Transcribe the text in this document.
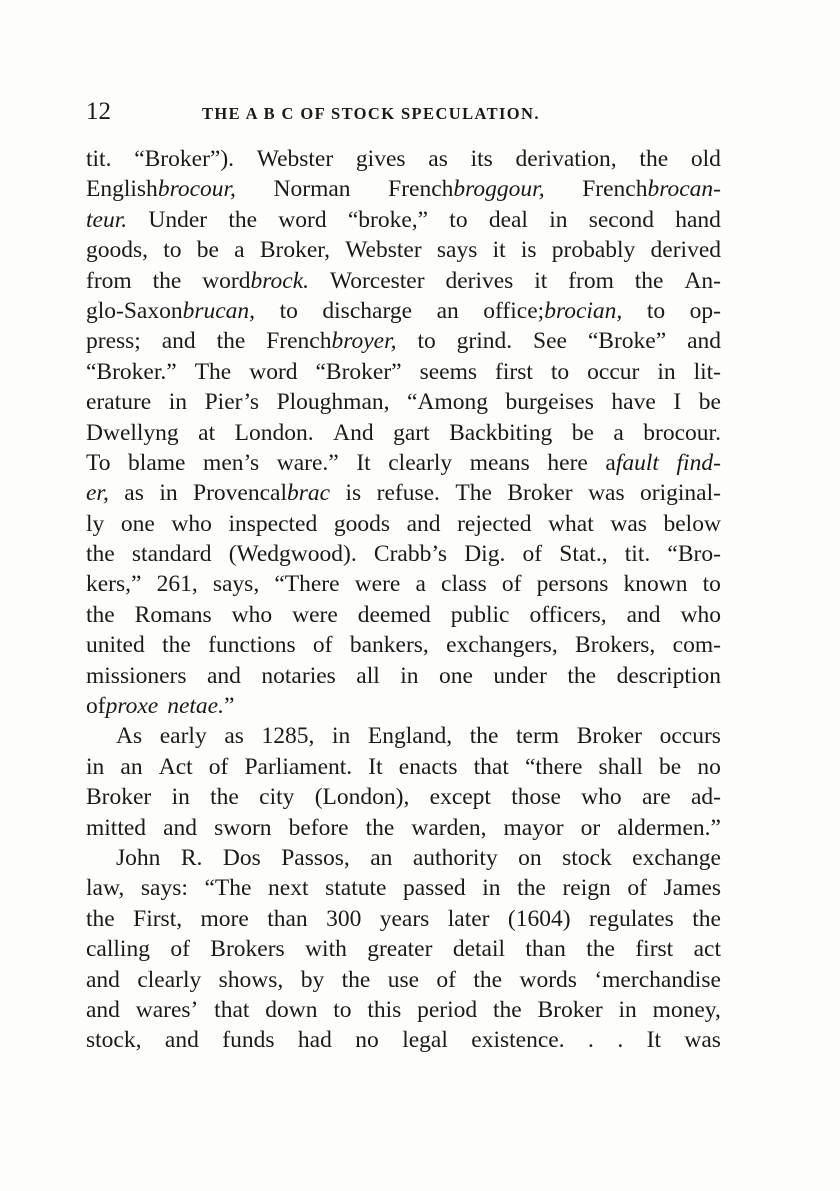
12	THE A B C OF STOCK SPECULATION.
tit. “Broker”). Webster gives as its derivation, the old
Englishbrocour, Norman Frenchbroggour, Frenchbrocan-
teur. Under the word “broke,” to deal in second hand
goods, to be a Broker, Webster says it is probably derived
from the wordbrock. Worcester derives it from the An-
glo-Saxonbrucan, to discharge an office;brocian, to op-
press; and the Frenchbroyer, to grind. See “Broke” and
“Broker.” The word “Broker” seems first to occur in lit-
erature in Pier’s Ploughman, “Among burgeises have I be
Dwellyng at London. And gart Backbiting be a brocour.
To blame men’s ware.” It clearly means here afault find-
er, as in Provencalbrac is refuse. The Broker was original-
ly one who inspected goods and rejected what was below
the standard (Wedgwood). Crabb’s Dig. of Stat., tit. “Bro-
kers,” 261, says, “There were a class of persons known to
the Romans who were deemed public officers, and who
united the functions of bankers, exchangers, Brokers, com-
missioners and notaries all in one under the description
ofproxe netae.”
As early as 1285, in England, the term Broker occurs
in an Act of Parliament. It enacts that “there shall be no
Broker in the city (London), except those who are ad-
mitted and sworn before the warden, mayor or aldermen.”
John R. Dos Passos, an authority on stock exchange
law, says: “The next statute passed in the reign of James
the First, more than 300 years later (1604) regulates the
calling of Brokers with greater detail than the first act
and clearly shows, by the use of the words ‘merchandise
and wares’ that down to this period the Broker in money,
stock, and funds had no legal existence. . . It was
